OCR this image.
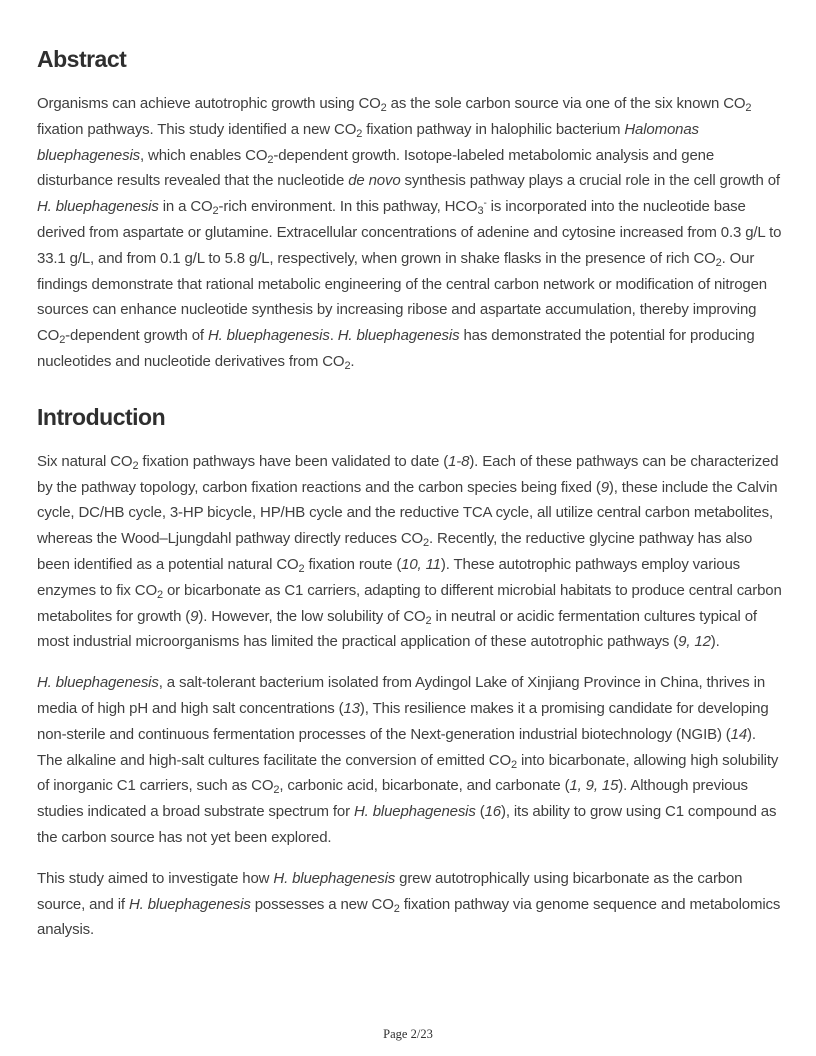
Abstract

Organisms can achieve autotrophic growth using $CO_2$ as the sole carbon source via one of the six known $CO_2$ fixation pathways. This study identified a new $CO_2$ fixation pathway in halophilic bacterium Halomonas bluephagenesis, which enables $CO_2$-dependent growth. Isotope-labeled metabolomic analysis and gene disturbance results revealed that the nucleotide de novo synthesis pathway plays a crucial role in the cell growth of H. bluephagenesis in a $CO_2$-rich environment. In this pathway, $HCO_3^-$ is incorporated into the nucleotide base derived from aspartate or glutamine. Extracellular concentrations of adenine and cytosine increased from 0.3 g/L to 33.1 g/L, and from 0.1 g/L to 5.8 g/L, respectively, when grown in shake flasks in the presence of rich $CO_2$. Our findings demonstrate that rational metabolic engineering of the central carbon network or modification of nitrogen sources can enhance nucleotide synthesis by increasing ribose and aspartate accumulation, thereby improving $CO_2$-dependent growth of H. bluephagenesis. H. bluephagenesis has demonstrated the potential for producing nucleotides and nucleotide derivatives from $CO_2$.

Introduction

Six natural $CO_2$ fixation pathways have been validated to date (1-8). Each of these pathways can be characterized by the pathway topology, carbon fixation reactions and the carbon species being fixed (9), these include the Calvin cycle, DC/HB cycle, 3-HP bicycle, HP/HB cycle and the reductive TCA cycle, all utilize central carbon metabolites, whereas the Wood–Ljungdahl pathway directly reduces $CO_2$. Recently, the reductive glycine pathway has also been identified as a potential natural $CO_2$ fixation route (10, 11). These autotrophic pathways employ various enzymes to fix $CO_2$ or bicarbonate as C1 carriers, adapting to different microbial habitats to produce central carbon metabolites for growth (9). However, the low solubility of $CO_2$ in neutral or acidic fermentation cultures typical of most industrial microorganisms has limited the practical application of these autotrophic pathways (9, 12).

H. bluephagenesis, a salt-tolerant bacterium isolated from Aydingol Lake of Xinjiang Province in China, thrives in media of high pH and high salt concentrations (13), This resilience makes it a promising candidate for developing non-sterile and continuous fermentation processes of the Next-generation industrial biotechnology (NGIB) (14). The alkaline and high-salt cultures facilitate the conversion of emitted $CO_2$ into bicarbonate, allowing high solubility of inorganic C1 carriers, such as $CO_2$, carbonic acid, bicarbonate, and carbonate (1, 9, 15). Although previous studies indicated a broad substrate spectrum for H. bluephagenesis (16), its ability to grow using C1 compound as the carbon source has not yet been explored.

This study aimed to investigate how H. bluephagenesis grew autotrophically using bicarbonate as the carbon source, and if H. bluephagenesis possesses a new $CO_2$ fixation pathway via genome sequence and metabolomics analysis.

Page 2/23
